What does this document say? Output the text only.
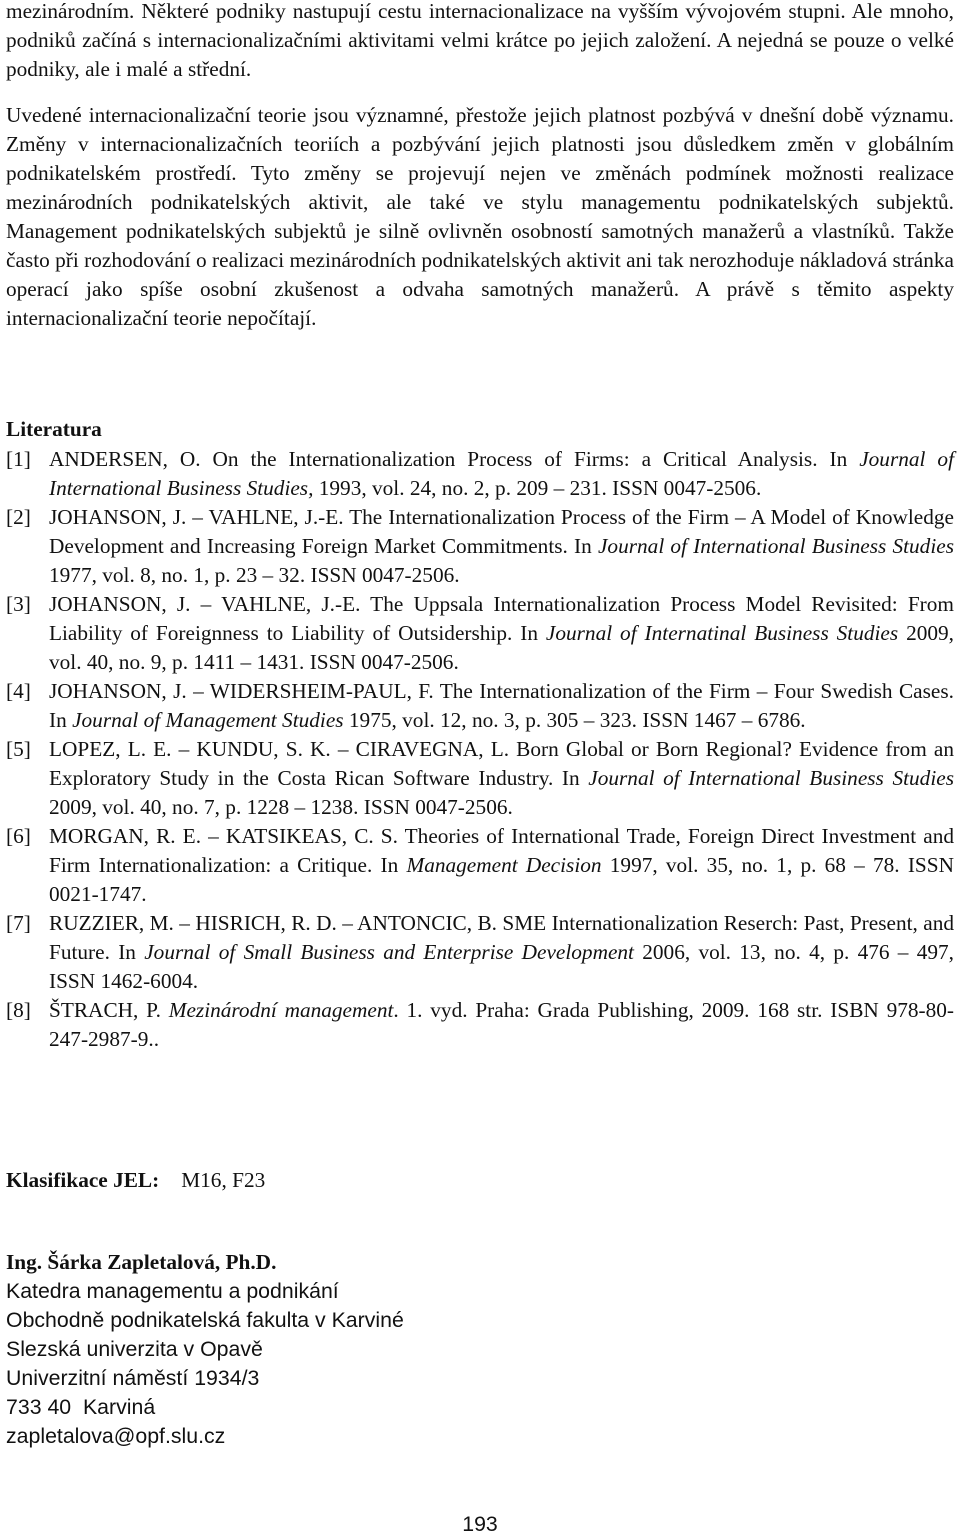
mezinárodním. Některé podniky nastupují cestu internacionalizace na vyšším vývojovém stupni. Ale mnoho, podniků začíná s internacionalizačními aktivitami velmi krátce po jejich založení. A nejedná se pouze o velké podniky, ale i malé a střední.

Uvedené internacionalizační teorie jsou významné, přestože jejich platnost pozbývá v dnešní době významu. Změny v internacionalizačních teoriích a pozbývání jejich platnosti jsou důsledkem změn v globálním podnikatelském prostředí. Tyto změny se projevují nejen ve změnách podmínek možnosti realizace mezinárodních podnikatelských aktivit, ale také ve stylu managementu podnikatelských subjektů. Management podnikatelských subjektů je silně ovlivněn osobností samotných manažerů a vlastníků. Takže často při rozhodování o realizaci mezinárodních podnikatelských aktivit ani tak nerozhoduje nákladová stránka operací jako spíše osobní zkušenost a odvaha samotných manažerů. A právě s těmito aspekty internacionalizační teorie nepočítají.

Literatura

[1] ANDERSEN, O. On the Internationalization Process of Firms: a Critical Analysis. In Journal of International Business Studies, 1993, vol. 24, no. 2, p. 209 – 231. ISSN 0047-2506.
[2] JOHANSON, J. – VAHLNE, J.-E. The Internationalization Process of the Firm – A Model of Knowledge Development and Increasing Foreign Market Commitments. In Journal of International Business Studies 1977, vol. 8, no. 1, p. 23 – 32. ISSN 0047-2506.
[3] JOHANSON, J. – VAHLNE, J.-E. The Uppsala Internationalization Process Model Revisited: From Liability of Foreignness to Liability of Outsidership. In Journal of Internatinal Business Studies 2009, vol. 40, no. 9, p. 1411 – 1431. ISSN 0047-2506.
[4] JOHANSON, J. – WIDERSHEIM-PAUL, F. The Internationalization of the Firm – Four Swedish Cases. In Journal of Management Studies 1975, vol. 12, no. 3, p. 305 – 323. ISSN 1467 – 6786.
[5] LOPEZ, L. E. – KUNDU, S. K. – CIRAVEGNA, L. Born Global or Born Regional? Evidence from an Exploratory Study in the Costa Rican Software Industry. In Journal of International Business Studies 2009, vol. 40, no. 7, p. 1228 – 1238. ISSN 0047-2506.
[6] MORGAN, R. E. – KATSIKEAS, C. S. Theories of International Trade, Foreign Direct Investment and Firm Internationalization: a Critique. In Management Decision 1997, vol. 35, no. 1, p. 68 – 78. ISSN 0021-1747.
[7] RUZZIER, M. – HISRICH, R. D. – ANTONCIC, B. SME Internationalization Reserch: Past, Present, and Future. In Journal of Small Business and Enterprise Development 2006, vol. 13, no. 4, p. 476 – 497, ISSN 1462-6004.
[8] ŠTRACH, P. Mezinárodní management. 1. vyd. Praha: Grada Publishing, 2009. 168 str. ISBN 978-80-247-2987-9..

Klasifikace JEL: M16, F23

Ing. Šárka Zapletalová, Ph.D.
Katedra managementu a podnikání
Obchodně podnikatelská fakulta v Karviné
Slezská univerzita v Opavě
Univerzitní náměstí 1934/3
733 40  Karviná
zapletalova@opf.slu.cz
193
